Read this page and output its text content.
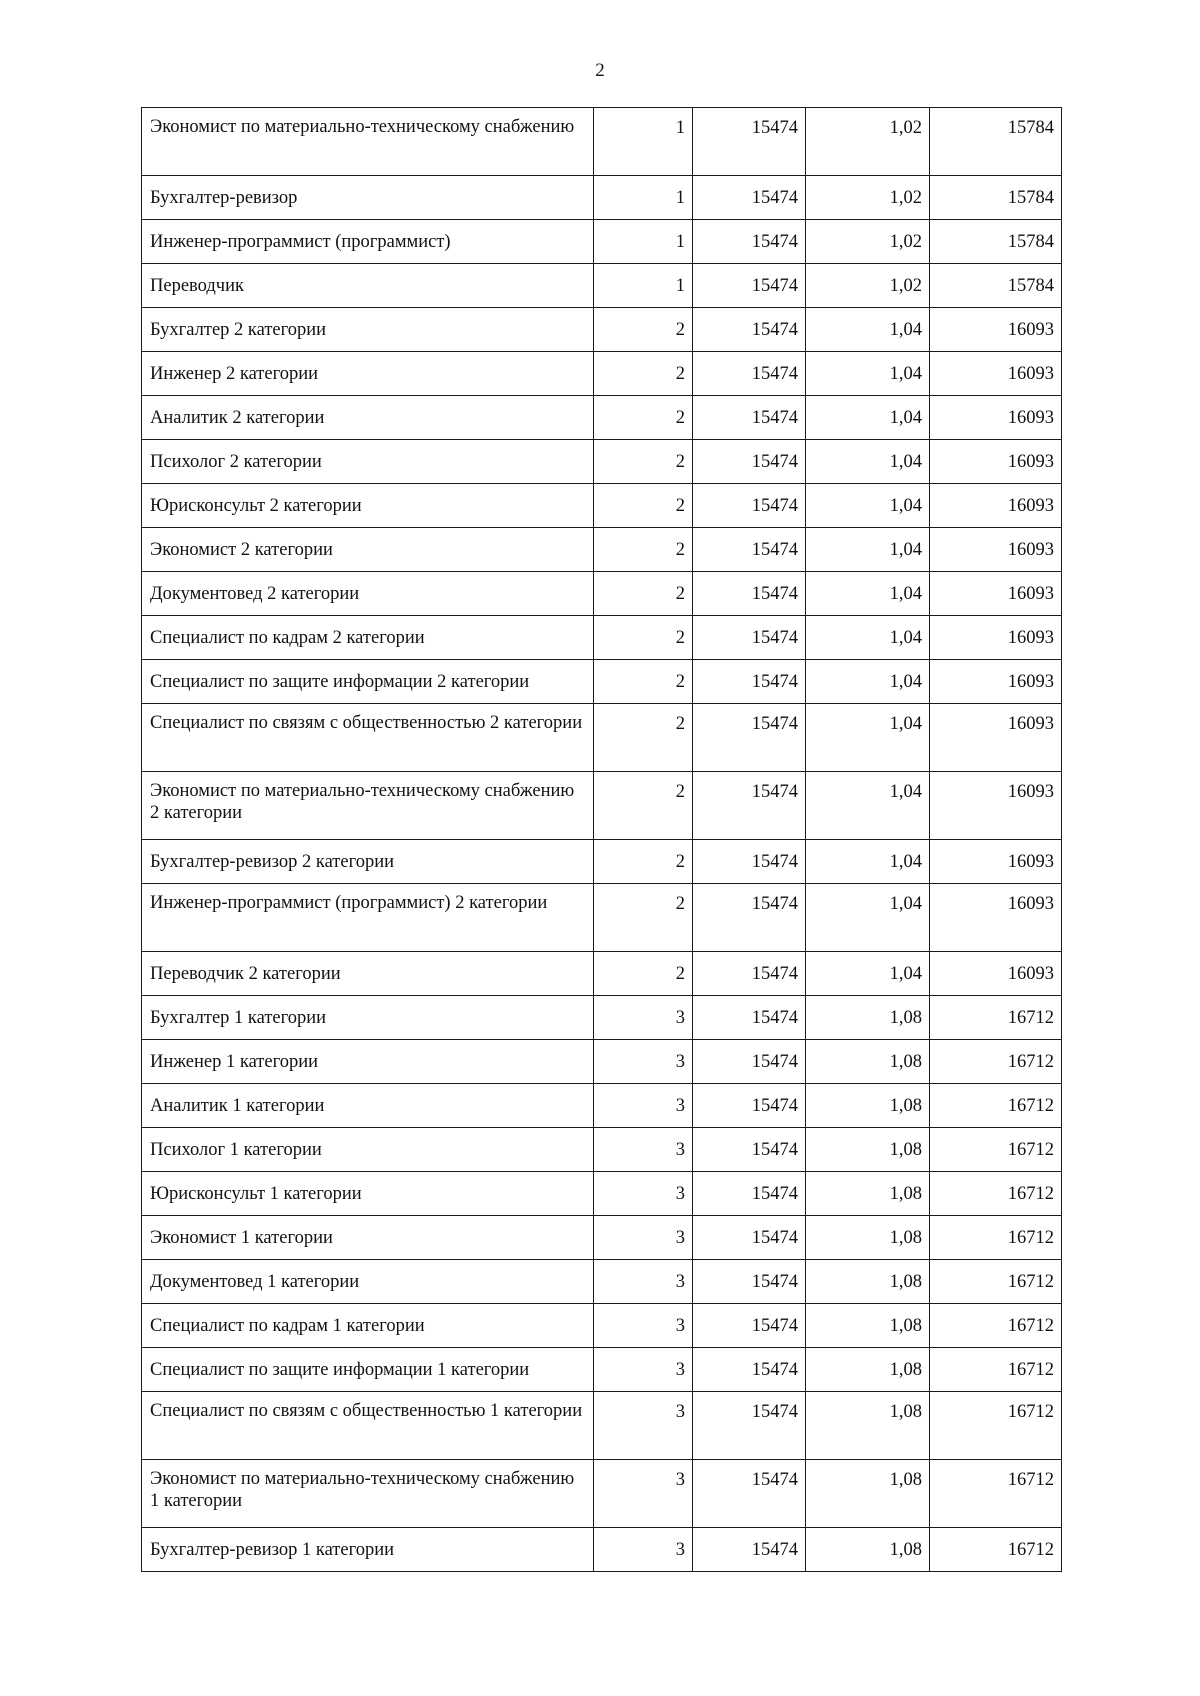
2
Экономист по материально-техническому снабжению	1	15474	1,02	15784
Бухгалтер-ревизор	1	15474	1,02	15784
Инженер-программист (программист)	1	15474	1,02	15784
Переводчик	1	15474	1,02	15784
Бухгалтер 2 категории	2	15474	1,04	16093
Инженер 2 категории	2	15474	1,04	16093
Аналитик 2 категории	2	15474	1,04	16093
Психолог 2 категории	2	15474	1,04	16093
Юрисконсульт 2 категории	2	15474	1,04	16093
Экономист 2 категории	2	15474	1,04	16093
Документовед 2 категории	2	15474	1,04	16093
Специалист по кадрам 2 категории	2	15474	1,04	16093
Специалист по защите информации 2 категории	2	15474	1,04	16093
Специалист по связям с общественностью 2 категории	2	15474	1,04	16093
Экономист по материально-техническому снабжению 2 категории	2	15474	1,04	16093
Бухгалтер-ревизор 2 категории	2	15474	1,04	16093
Инженер-программист (программист) 2 категории	2	15474	1,04	16093
Переводчик 2 категории	2	15474	1,04	16093
Бухгалтер 1 категории	3	15474	1,08	16712
Инженер 1 категории	3	15474	1,08	16712
Аналитик 1 категории	3	15474	1,08	16712
Психолог 1 категории	3	15474	1,08	16712
Юрисконсульт 1 категории	3	15474	1,08	16712
Экономист 1 категории	3	15474	1,08	16712
Документовед 1 категории	3	15474	1,08	16712
Специалист по кадрам 1 категории	3	15474	1,08	16712
Специалист по защите информации 1 категории	3	15474	1,08	16712
Специалист по связям с общественностью 1 категории	3	15474	1,08	16712
Экономист по материально-техническому снабжению 1 категории	3	15474	1,08	16712
Бухгалтер-ревизор 1 категории	3	15474	1,08	16712
